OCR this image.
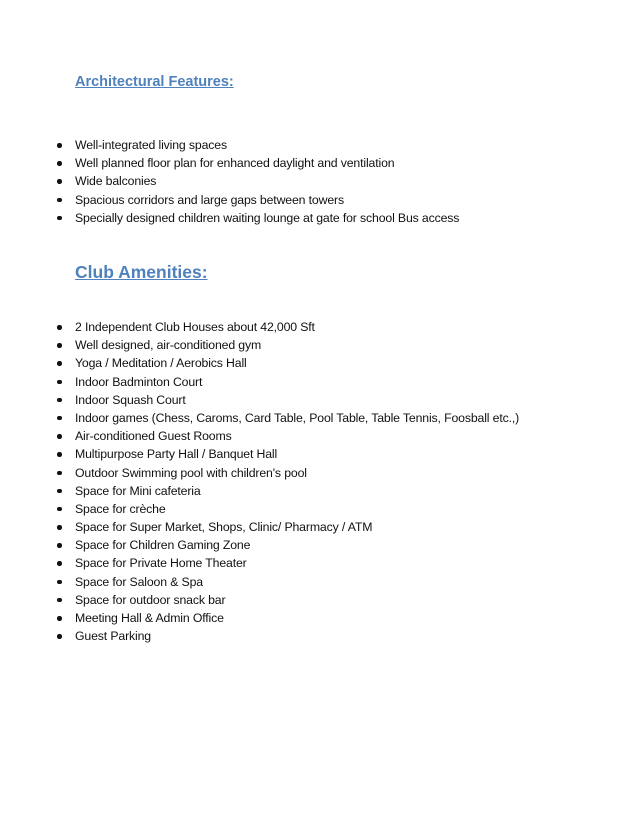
Architectural Features:
Well-integrated living spaces
Well planned floor plan for enhanced daylight and ventilation
Wide balconies
Spacious corridors and large gaps between towers
Specially designed children waiting lounge at gate for school Bus access
Club Amenities:
2 Independent Club Houses about 42,000 Sft
Well designed, air-conditioned gym
Yoga / Meditation / Aerobics Hall
Indoor Badminton Court
Indoor Squash Court
Indoor games (Chess, Caroms, Card Table, Pool Table, Table Tennis, Foosball etc.,)
Air-conditioned Guest Rooms
Multipurpose Party Hall / Banquet Hall
Outdoor Swimming pool with children's pool
Space for Mini cafeteria
Space for crèche
Space for Super Market, Shops, Clinic/ Pharmacy / ATM
Space for Children Gaming Zone
Space for Private Home Theater
Space for Saloon & Spa
Space for outdoor snack bar
Meeting Hall & Admin Office
Guest Parking
